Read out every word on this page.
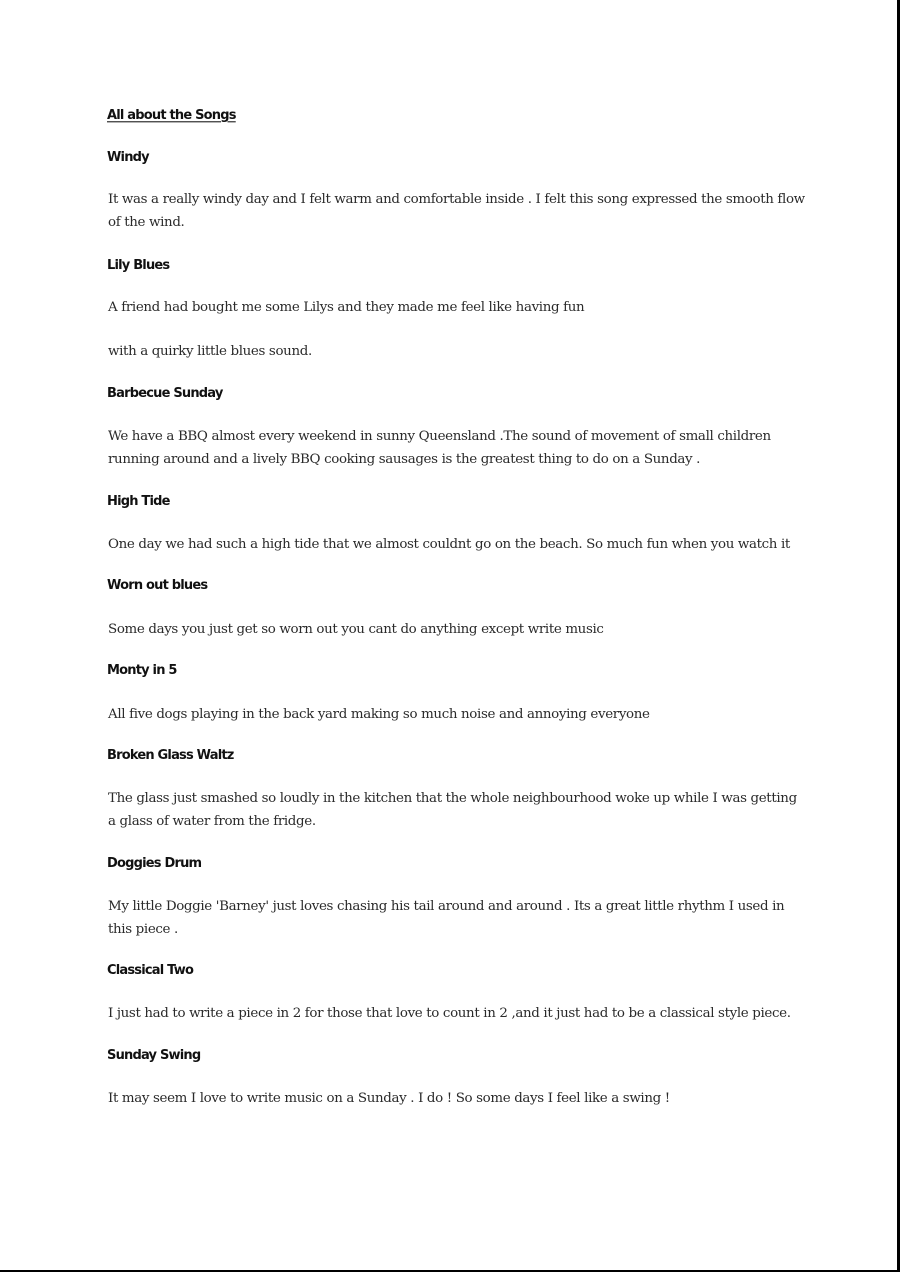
All about the Songs
Windy
It was a really windy day and I felt warm and comfortable inside . I felt this song expressed the smooth flow of the wind.
Lily Blues
A friend had bought me some Lilys and they made me feel like having fun
with a quirky little blues sound.
Barbecue Sunday
We have a BBQ almost every weekend in sunny Queensland .The sound of movement of small children running around and a lively BBQ cooking sausages is the greatest thing to do on a Sunday .
High Tide
One day we had such a high tide that we almost couldnt go on the beach. So much fun when you watch it
Worn out blues
Some days you just get so worn out you cant do anything except write music
Monty in 5
All five dogs playing in the back yard making so much noise and annoying everyone
Broken Glass Waltz
The glass just smashed so loudly in the kitchen that the whole neighbourhood woke up while I was getting a glass of water from the fridge.
Doggies Drum
My little Doggie 'Barney' just loves chasing his tail around and around . Its a great little rhythm I used in this piece .
Classical Two
I just had to write a piece in 2 for those that love to count in 2 ,and it just had to be a classical style piece.
Sunday Swing
It may seem I love to write music on a Sunday . I do ! So some days I feel like a swing !
